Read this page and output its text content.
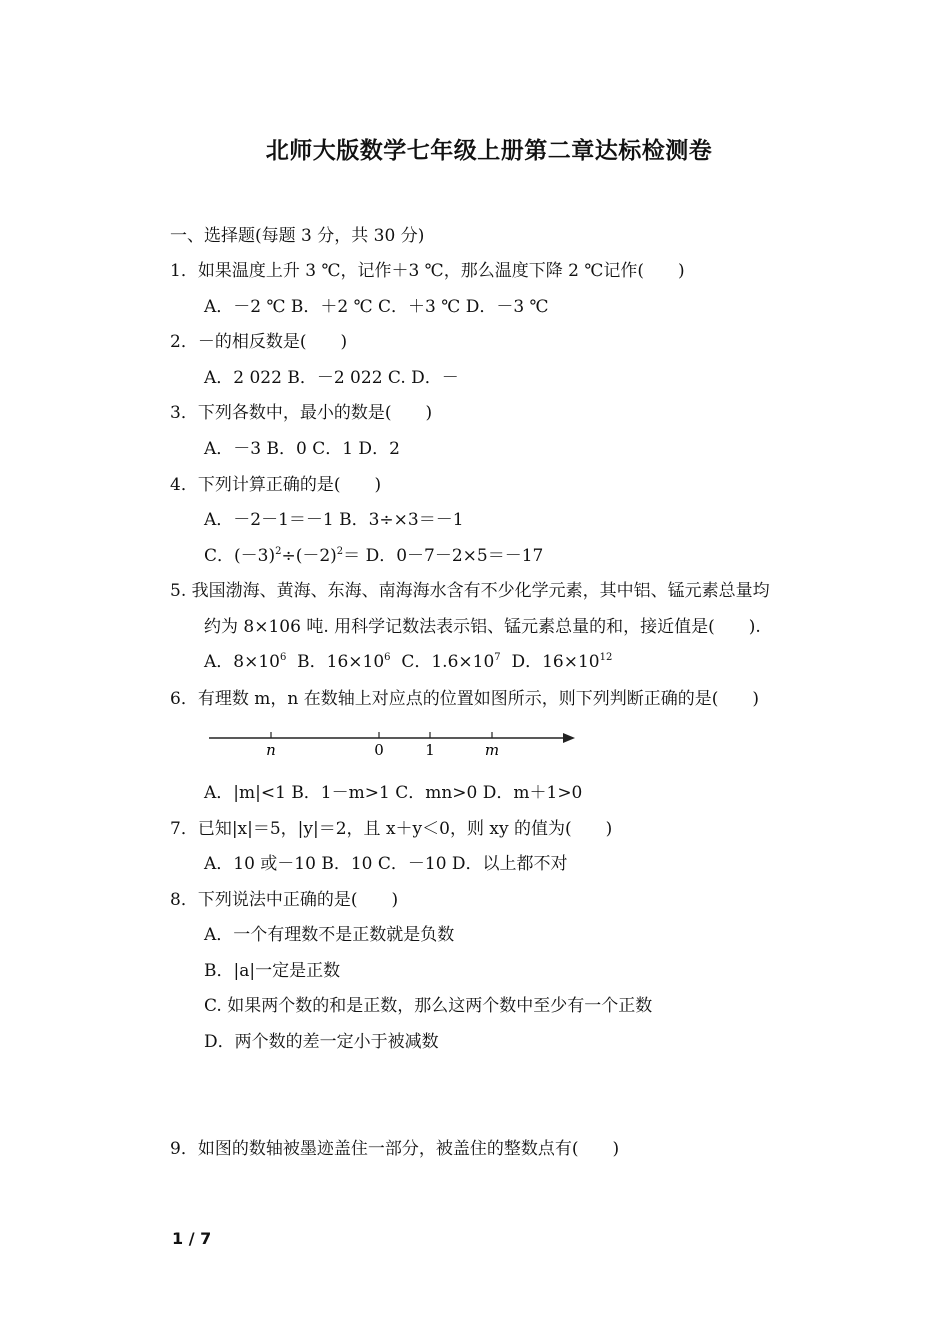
北师大版数学七年级上册第二章达标检测卷
一、选择题(每题 3 分，共 30 分)
1．如果温度上升 3 ℃，记作＋3 ℃，那么温度下降 2 ℃记作(　　)
A．－2 ℃ B．＋2 ℃ C．＋3 ℃ D．－3 ℃
2．－的相反数是(　　)
A．2 022 B．－2 022 C. D．－
3．下列各数中，最小的数是(　　)
A．－3 B．0 C．1 D．2
4．下列计算正确的是(　　)
A．－2－1＝－1 B．3÷×3＝－1
C．$(-3)^2\div(-2)^2= D$．0－7－2×5＝－17
5. 我国渤海、黄海、东海、南海海水含有不少化学元素，其中铝、锰元素总量均
约为 8×106 吨. 用科学记数法表示铝、锰元素总量的和，接近值是(　　).
A．$8\times 10^6$  B．$16\times 10^6$  C．$1.6\times 10^7$  D．$16\times 10^{12}$
6．有理数 m，n 在数轴上对应点的位置如图所示，则下列判断正确的是(　　)
n	0	1	m
A．|m|<1 B．1－m>1 C．mn>0 D．m＋1>0
7．已知|x|＝5，|y|＝2，且 x＋y＜0，则 xy 的值为(　　)
A．10 或－10 B．10 C．－10 D．以上都不对
8．下列说法中正确的是(　　)
A．一个有理数不是正数就是负数
B．|a|一定是正数
C. 如果两个数的和是正数，那么这两个数中至少有一个正数
D．两个数的差一定小于被减数
9．如图的数轴被墨迹盖住一部分，被盖住的整数点有(　　)
1 / 7
